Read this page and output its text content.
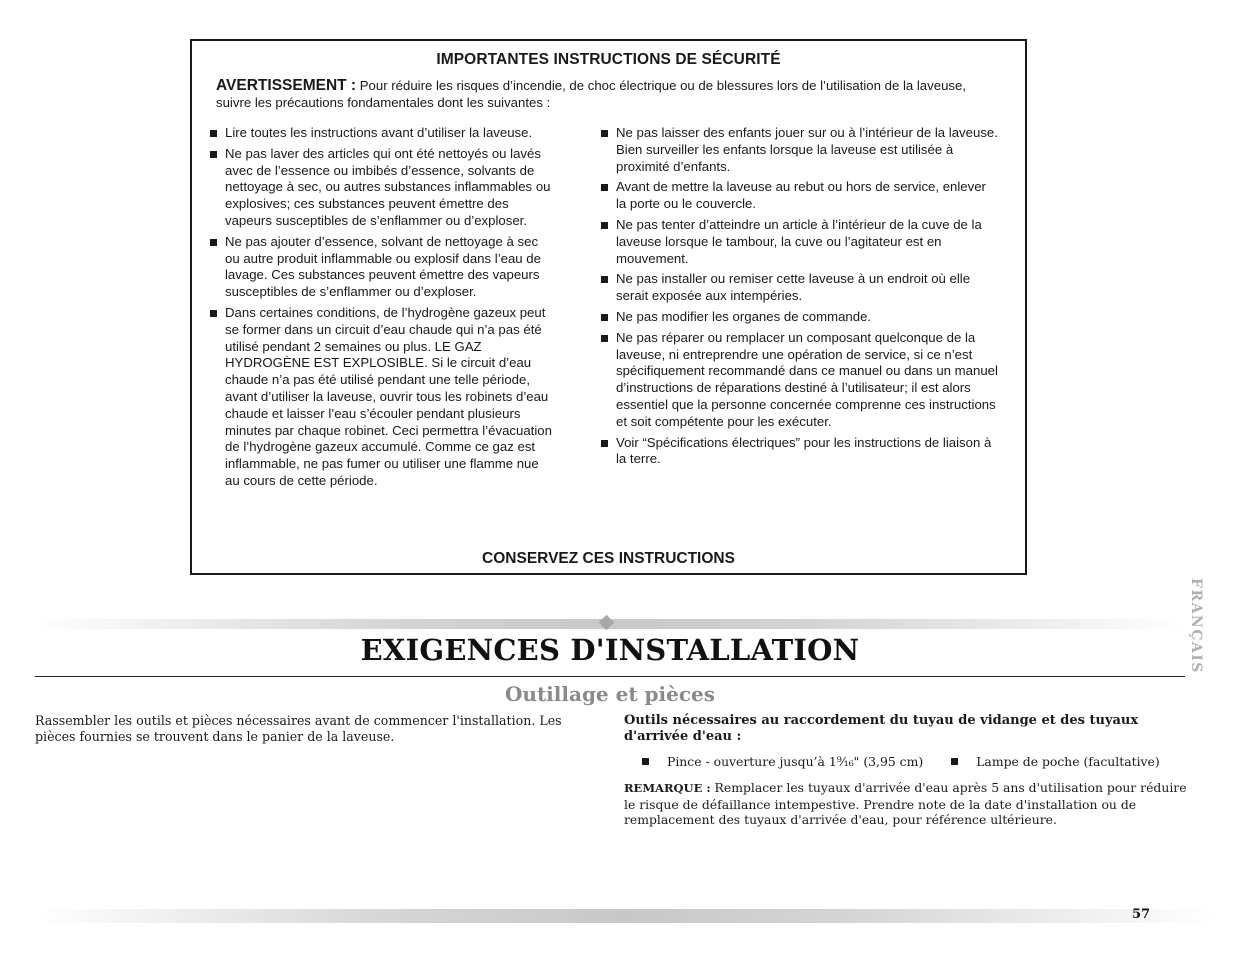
IMPORTANTES INSTRUCTIONS DE SÉCURITÉ
AVERTISSEMENT : Pour réduire les risques d’incendie, de choc électrique ou de blessures lors de l’utilisation de la laveuse, suivre les précautions fondamentales dont les suivantes :
Lire toutes les instructions avant d’utiliser la laveuse.
Ne pas laver des articles qui ont été nettoyés ou lavés avec de l’essence ou imbibés d’essence, solvants de nettoyage à sec, ou autres substances inflammables ou explosives; ces substances peuvent émettre des vapeurs susceptibles de s’enflammer ou d’exploser.
Ne pas ajouter d’essence, solvant de nettoyage à sec ou autre produit inflammable ou explosif dans l’eau de lavage. Ces substances peuvent émettre des vapeurs susceptibles de s’enflammer ou d’exploser.
Dans certaines conditions, de l’hydrogène gazeux peut se former dans un circuit d’eau chaude qui n’a pas été utilisé pendant 2 semaines ou plus. LE GAZ HYDROGÈNE EST EXPLOSIBLE. Si le circuit d’eau chaude n’a pas été utilisé pendant une telle période, avant d’utiliser la laveuse, ouvrir tous les robinets d’eau chaude et laisser l’eau s’écouler pendant plusieurs minutes par chaque robinet. Ceci permettra l’évacuation de l’hydrogène gazeux accumulé. Comme ce gaz est inflammable, ne pas fumer ou utiliser une flamme nue au cours de cette période.
Ne pas laisser des enfants jouer sur ou à l’intérieur de la laveuse. Bien surveiller les enfants lorsque la laveuse est utilisée à proximité d’enfants.
Avant de mettre la laveuse au rebut ou hors de service, enlever la porte ou le couvercle.
Ne pas tenter d’atteindre un article à l’intérieur de la cuve de la laveuse lorsque le tambour, la cuve ou l’agitateur est en mouvement.
Ne pas installer ou remiser cette laveuse à un endroit où elle serait exposée aux intempéries.
Ne pas modifier les organes de commande.
Ne pas réparer ou remplacer un composant quelconque de la laveuse, ni entreprendre une opération de service, si ce n’est spécifiquement recommandé dans ce manuel ou dans un manuel d’instructions de réparations destiné à l’utilisateur; il est alors essentiel que la personne concernée comprenne ces instructions et soit compétente pour les exécuter.
Voir “Spécifications électriques” pour les instructions de liaison à la terre.
CONSERVEZ CES INSTRUCTIONS
EXIGENCES D'INSTALLATION
Outillage et pièces
FRANÇAIS
Rassembler les outils et pièces nécessaires avant de commencer l'installation. Les pièces fournies se trouvent dans le panier de la laveuse.
Outils nécessaires au raccordement du tuyau de vidange et des tuyaux d'arrivée d'eau :
Pince - ouverture jusqu’à 1⁹⁄₁₆" (3,95 cm)	Lampe de poche (facultative)
REMARQUE : Remplacer les tuyaux d'arrivée d'eau après 5 ans d'utilisation pour réduire le risque de défaillance intempestive. Prendre note de la date d'installation ou de remplacement des tuyaux d'arrivée d'eau, pour référence ultérieure.
57
